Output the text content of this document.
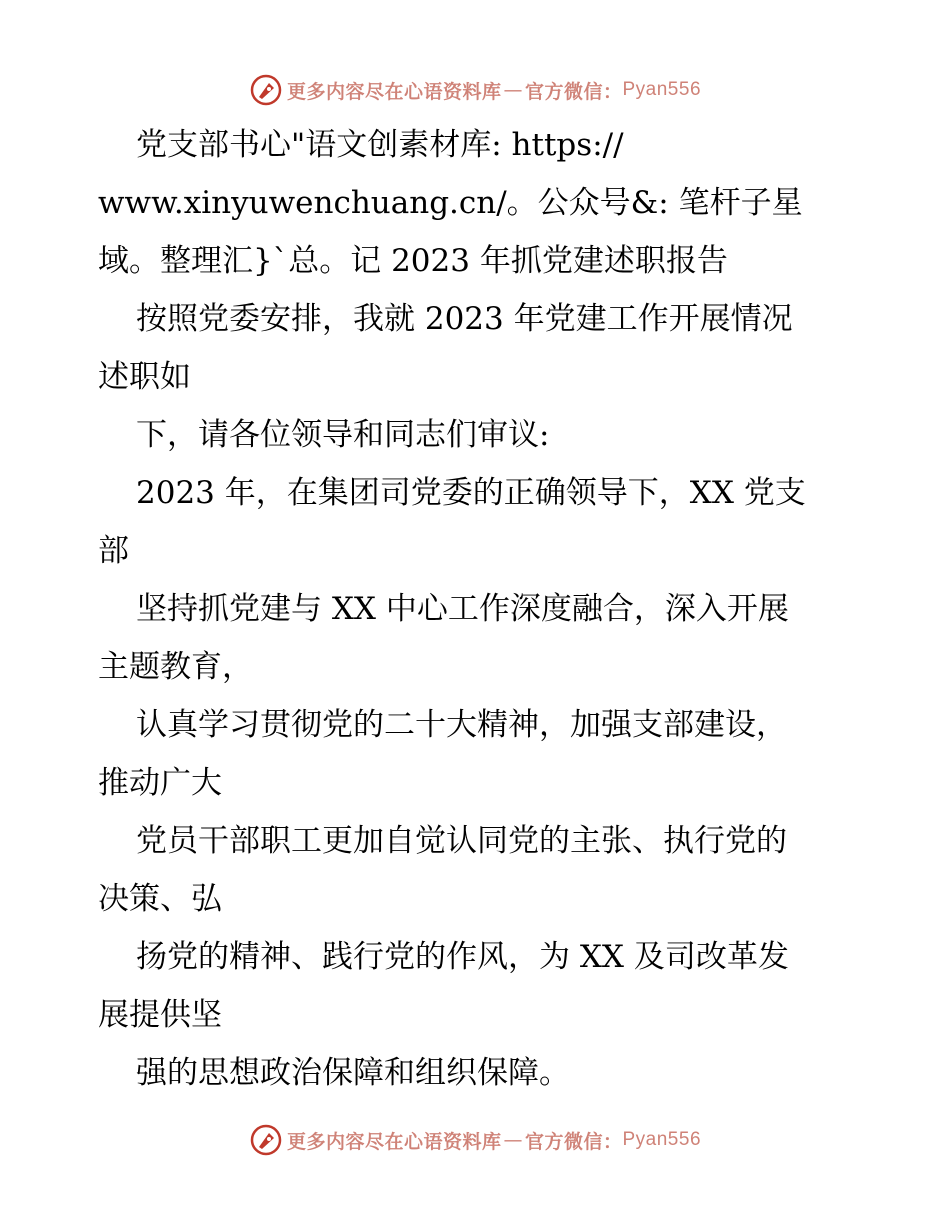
更多内容尽在心语资料库 — 官方微信： Pyan556
党支部书心"语文创素材库: https://
www.xinyuwenchuang.cn/。公众号&: 笔杆子星
域。整理汇}`总。记 2023 年抓党建述职报告
按照党委安排，我就 2023 年党建工作开展情况
述职如
下，请各位领导和同志们审议:
2023 年，在集团司党委的正确领导下，XX 党支
部
坚持抓党建与 XX 中心工作深度融合，深入开展
主题教育，
认真学习贯彻党的二十大精神，加强支部建设，
推动广大
党员干部职工更加自觉认同党的主张、执行党的
决策、弘
扬党的精神、践行党的作风，为 XX 及司改革发
展提供坚
强的思想政治保障和组织保障。
更多内容尽在心语资料库 — 官方微信： Pyan556
